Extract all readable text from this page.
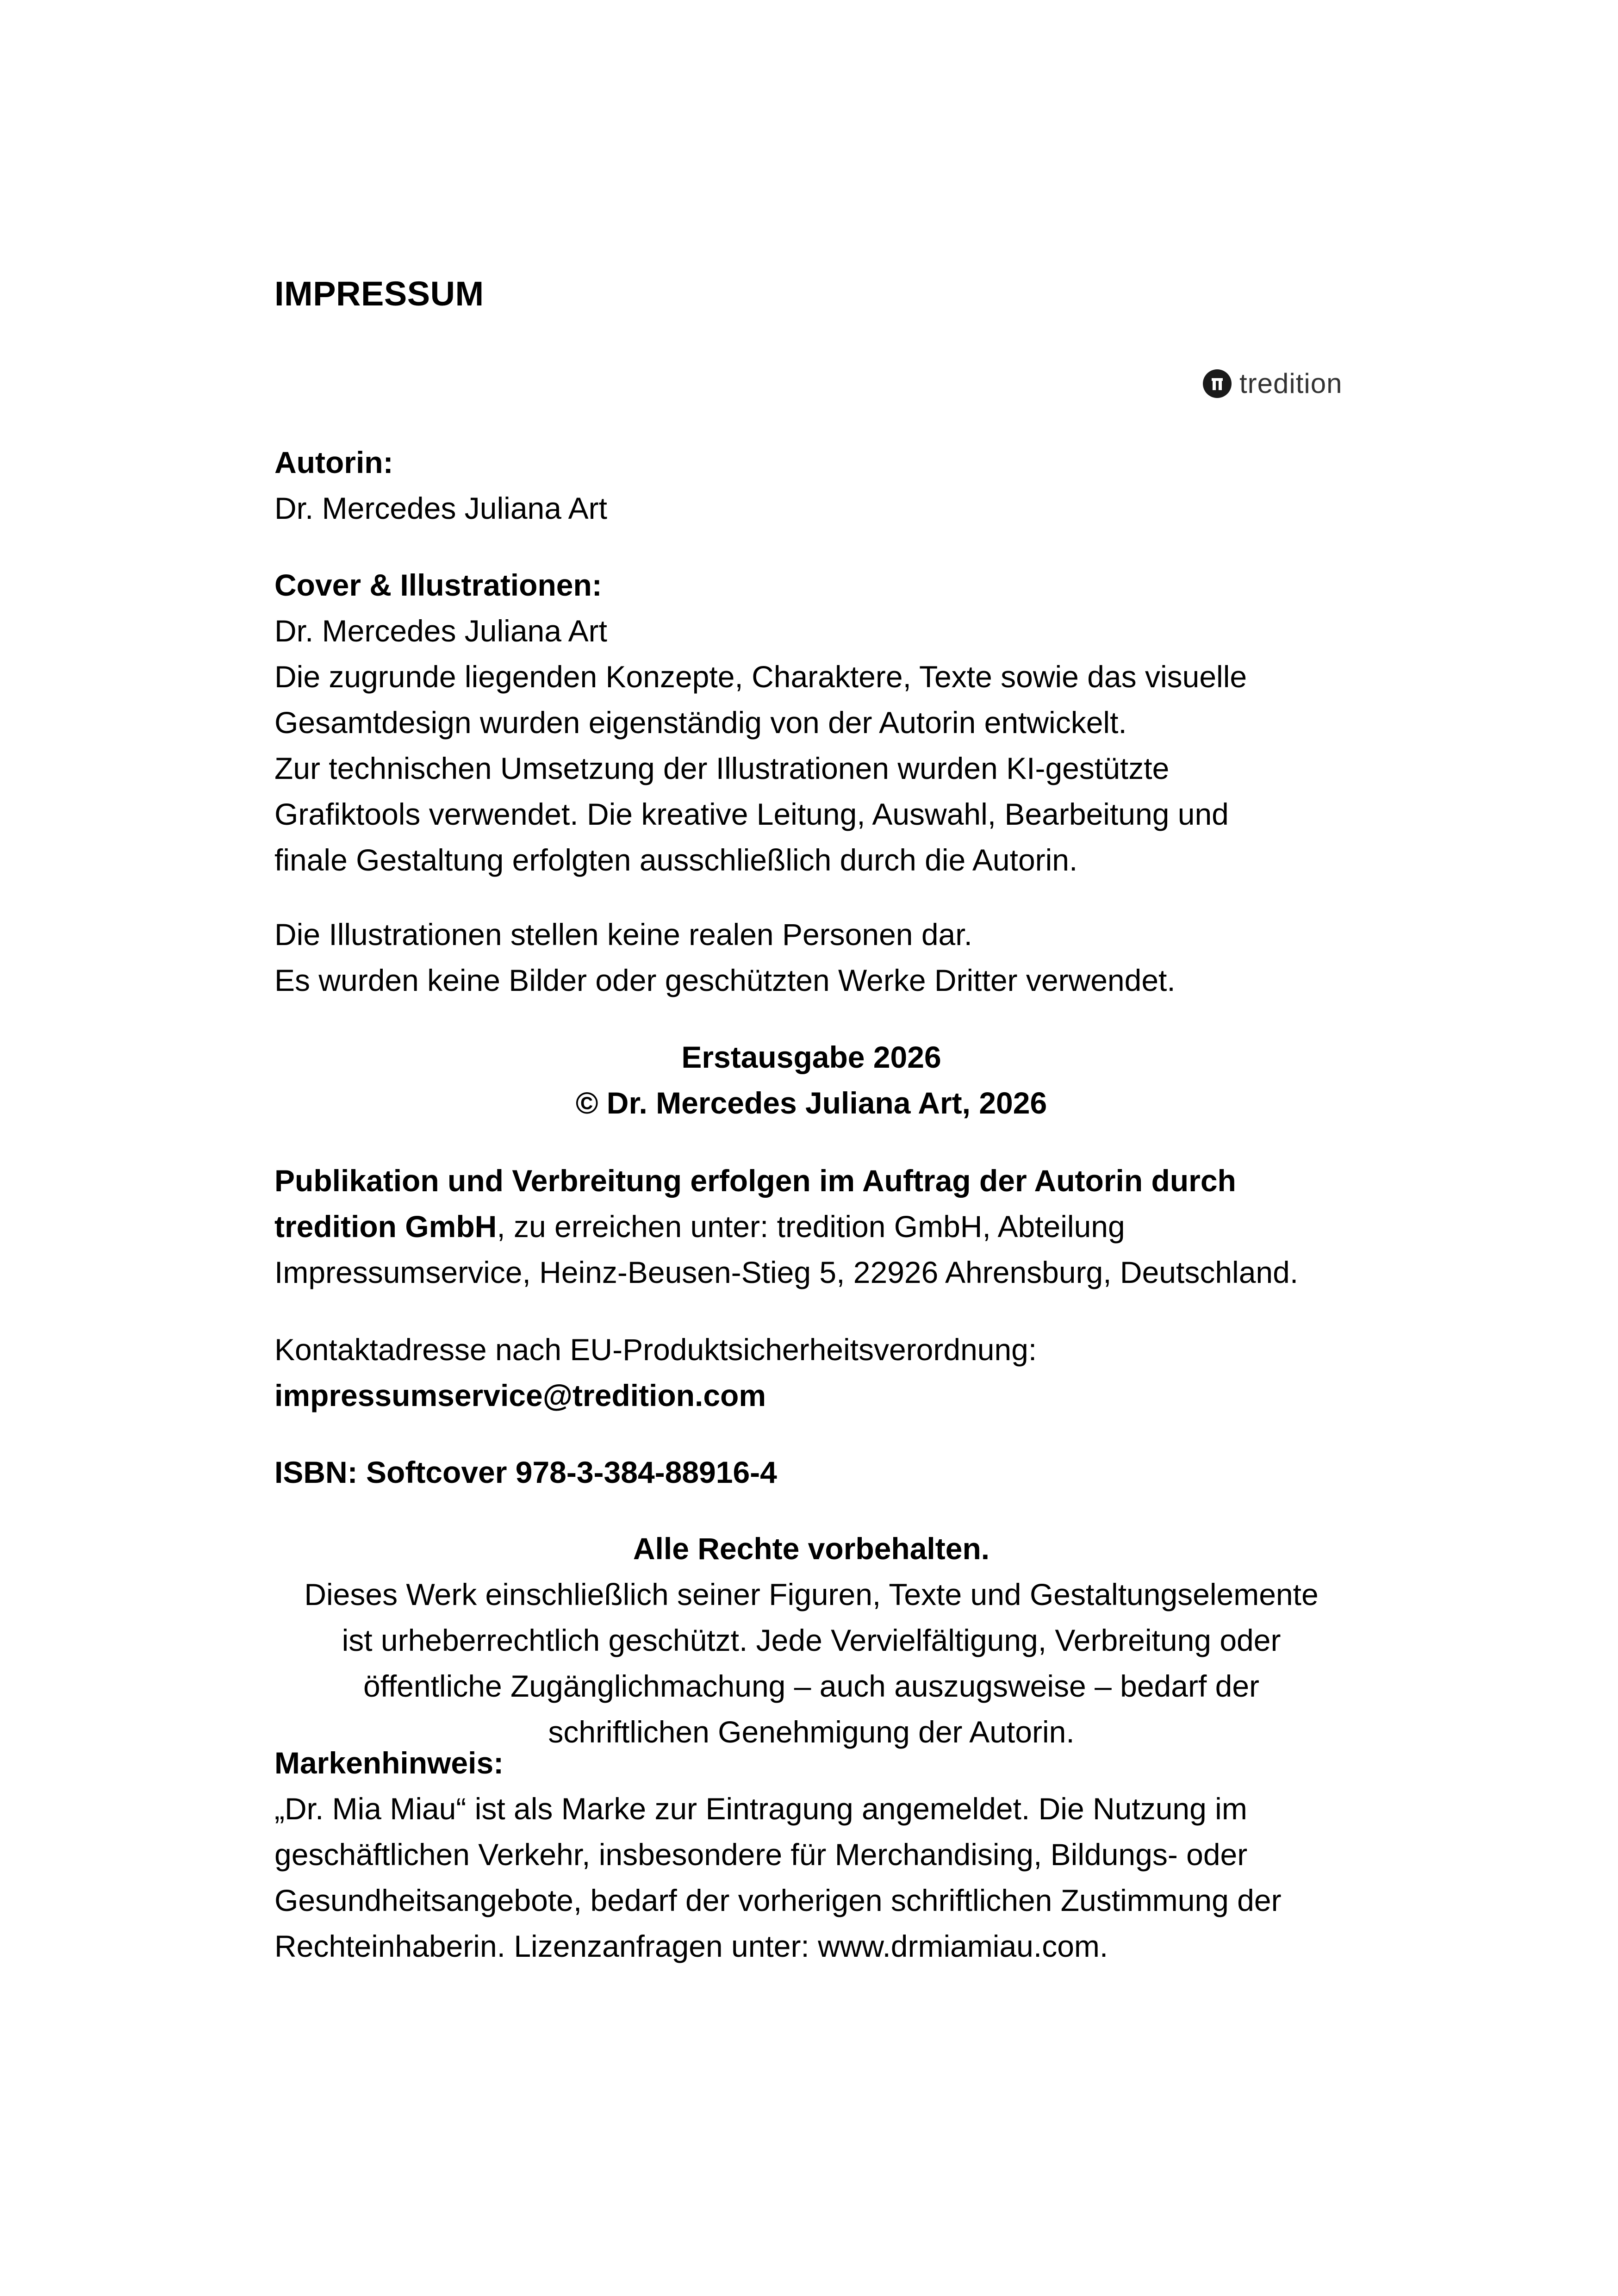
IMPRESSUM
tredition

Autorin:

Dr. Mercedes Juliana Art

Cover & Illustrationen:

Dr. Mercedes Juliana Art

Die zugrunde liegenden Konzepte, Charaktere, Texte sowie das visuelle

Gesamtdesign wurden eigenständig von der Autorin entwickelt.

Zur technischen Umsetzung der Illustrationen wurden KI-gestützte

Grafiktools verwendet. Die kreative Leitung, Auswahl, Bearbeitung und

finale Gestaltung erfolgten ausschließlich durch die Autorin.

Die Illustrationen stellen keine realen Personen dar.

Es wurden keine Bilder oder geschützten Werke Dritter verwendet.

Erstausgabe 2026

© Dr. Mercedes Juliana Art, 2026

Publikation und Verbreitung erfolgen im Auftrag der Autorin durch

tredition GmbH, zu erreichen unter: tredition GmbH, Abteilung

Impressumservice, Heinz-Beusen-Stieg 5, 22926 Ahrensburg, Deutschland.

Kontaktadresse nach EU-Produktsicherheitsverordnung:

impressumservice@tredition.com

ISBN: Softcover 978-3-384-88916-4

Alle Rechte vorbehalten.

Dieses Werk einschließlich seiner Figuren, Texte und Gestaltungselemente

ist urheberrechtlich geschützt. Jede Vervielfältigung, Verbreitung oder

öffentliche Zugänglichmachung – auch auszugsweise – bedarf der

schriftlichen Genehmigung der Autorin.

Markenhinweis:

„Dr. Mia Miau“ ist als Marke zur Eintragung angemeldet. Die Nutzung im

geschäftlichen Verkehr, insbesondere für Merchandising, Bildungs- oder

Gesundheitsangebote, bedarf der vorherigen schriftlichen Zustimmung der

Rechteinhaberin. Lizenzanfragen unter: www.drmiamiau.com.
